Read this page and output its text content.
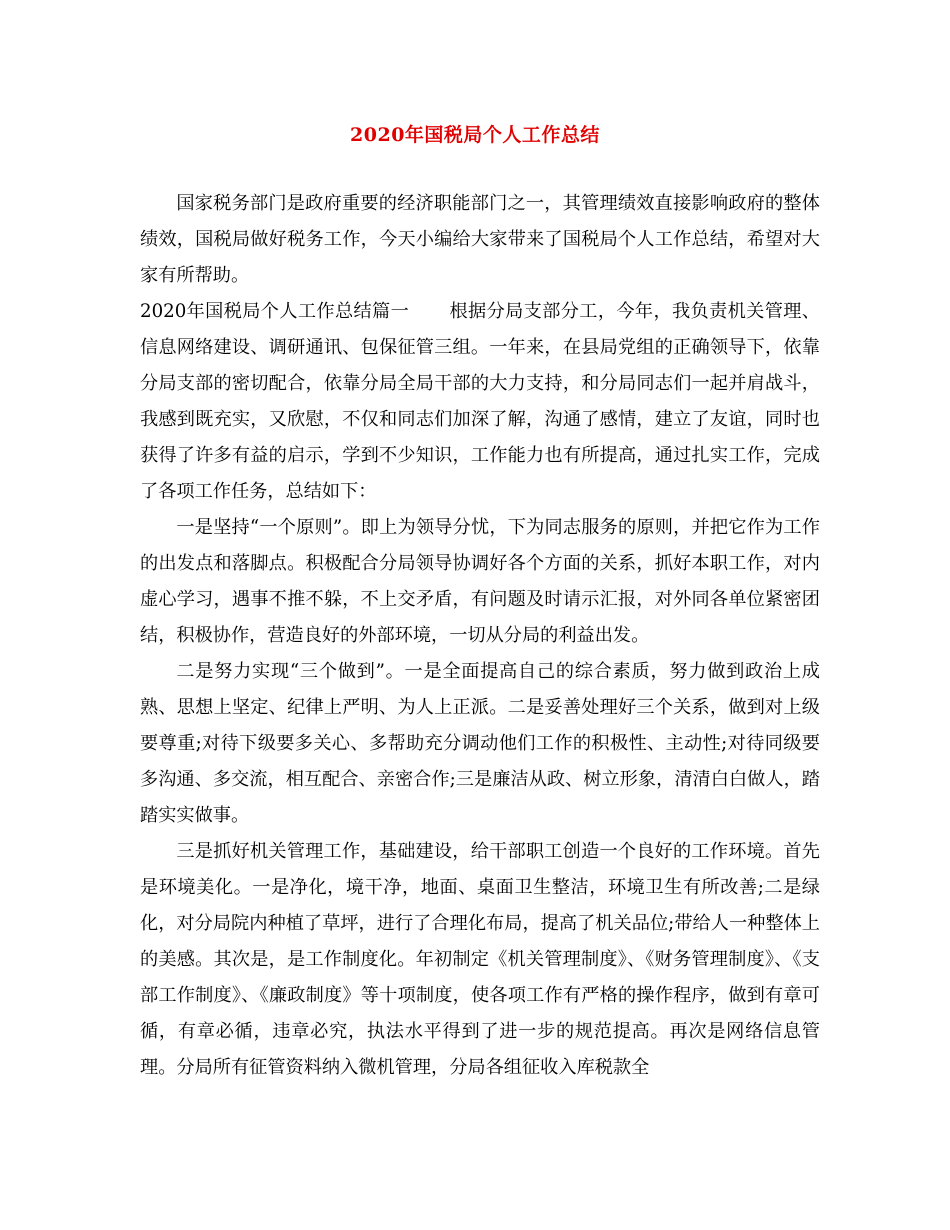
2020年国税局个人工作总结

国家税务部门是政府重要的经济职能部门之一，其管理绩效直接影响政府的整体绩效，国税局做好税务工作，今天小编给大家带来了国税局个人工作总结，希望对大家有所帮助。

2020年国税局个人工作总结篇一 根据分局支部分工，今年，我负责机关管理、信息网络建设、调研通讯、包保征管三组。一年来，在县局党组的正确领导下，依靠分局支部的密切配合，依靠分局全局干部的大力支持，和分局同志们一起并肩战斗，我感到既充实，又欣慰，不仅和同志们加深了解，沟通了感情，建立了友谊，同时也获得了许多有益的启示，学到不少知识，工作能力也有所提高，通过扎实工作，完成了各项工作任务，总结如下：

一是坚持“一个原则”。即上为领导分忧，下为同志服务的原则，并把它作为工作的出发点和落脚点。积极配合分局领导协调好各个方面的关系，抓好本职工作，对内虚心学习，遇事不推不躲，不上交矛盾，有问题及时请示汇报，对外同各单位紧密团结，积极协作，营造良好的外部环境，一切从分局的利益出发。

二是努力实现“三个做到”。一是全面提高自己的综合素质，努力做到政治上成熟、思想上坚定、纪律上严明、为人上正派。二是妥善处理好三个关系，做到对上级要尊重;对待下级要多关心、多帮助充分调动他们工作的积极性、主动性;对待同级要多沟通、多交流，相互配合、亲密合作;三是廉洁从政、树立形象，清清白白做人，踏踏实实做事。

三是抓好机关管理工作，基础建设，给干部职工创造一个良好的工作环境。首先是环境美化。一是净化，境干净，地面、桌面卫生整洁，环境卫生有所改善;二是绿化，对分局院内种植了草坪，进行了合理化布局，提高了机关品位;带给人一种整体上的美感。其次是，是工作制度化。年初制定《机关管理制度》、《财务管理制度》、《支部工作制度》、《廉政制度》等十项制度，使各项工作有严格的操作程序，做到有章可循，有章必循，违章必究，执法水平得到了进一步的规范提高。再次是网络信息管理。分局所有征管资料纳入微机管理，分局各组征收入库税款全
